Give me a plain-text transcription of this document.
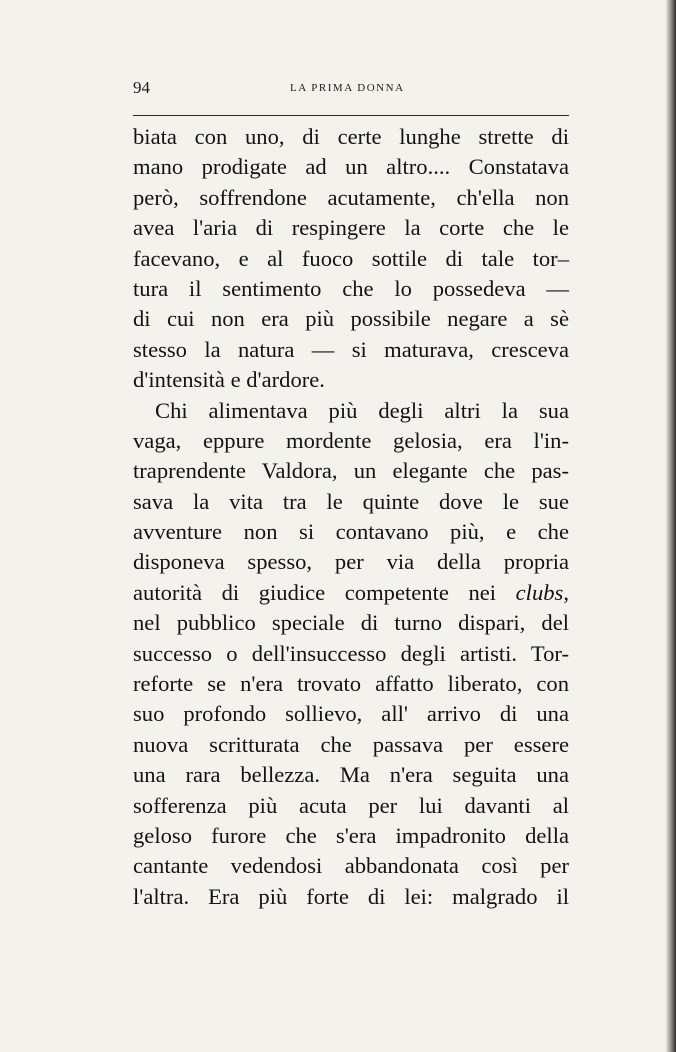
94	LA PRIMA DONNA
biata con uno, di certe lunghe strette di
mano prodigate ad un altro.... Constatava
però, soffrendone acutamente, ch'ella non
avea l'aria di respingere la corte che le
facevano, e al fuoco sottile di tale tor–
tura il sentimento che lo possedeva —
di cui non era più possibile negare a sè
stesso la natura — si maturava, cresceva
d'intensità e d'ardore.
Chi alimentava più degli altri la sua
vaga, eppure mordente gelosia, era l'in-
traprendente Valdora, un elegante che pas-
sava la vita tra le quinte dove le sue
avventure non si contavano più, e che
disponeva spesso, per via della propria
autorità di giudice competente nei clubs,
nel pubblico speciale di turno dispari, del
successo o dell'insuccesso degli artisti. Tor-
reforte se n'era trovato affatto liberato, con
suo profondo sollievo, all' arrivo di una
nuova scritturata che passava per essere
una rara bellezza. Ma n'era seguita una
sofferenza più acuta per lui davanti al
geloso furore che s'era impadronito della
cantante vedendosi abbandonata così per
l'altra. Era più forte di lei: malgrado il
